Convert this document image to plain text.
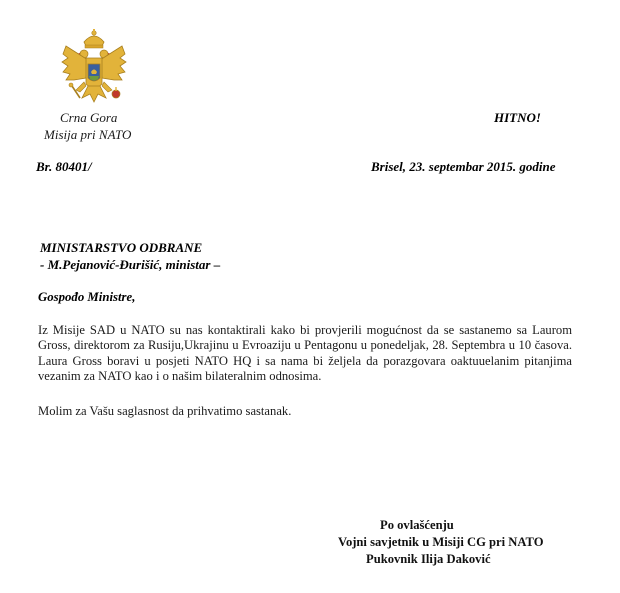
Crna Gora
Misija pri NATO
HITNO!
Br. 80401/	Brisel, 23. septembar 2015. godine
MINISTARSTVO ODBRANE
- M.Pejanović-Đurišić, ministar –
Gospođo Ministre,
Iz Misije SAD u NATO su nas kontaktirali kako bi provjerili mogućnost da se sastanemo sa Laurom Gross, direktorom za Rusiju,Ukrajinu u Evroaziju u Pentagonu u ponedeljak, 28. Septembra u 10 časova. Laura Gross boravi u posjeti NATO HQ i sa nama bi željela da porazgovara oaktuuelanim pitanjima vezanim za NATO kao i o našim bilateralnim odnosima.
Molim za Vašu saglasnost da prihvatimo sastanak.
Po ovlašćenju
Vojni savjetnik u Misiji CG pri NATO
Pukovnik Ilija Daković
